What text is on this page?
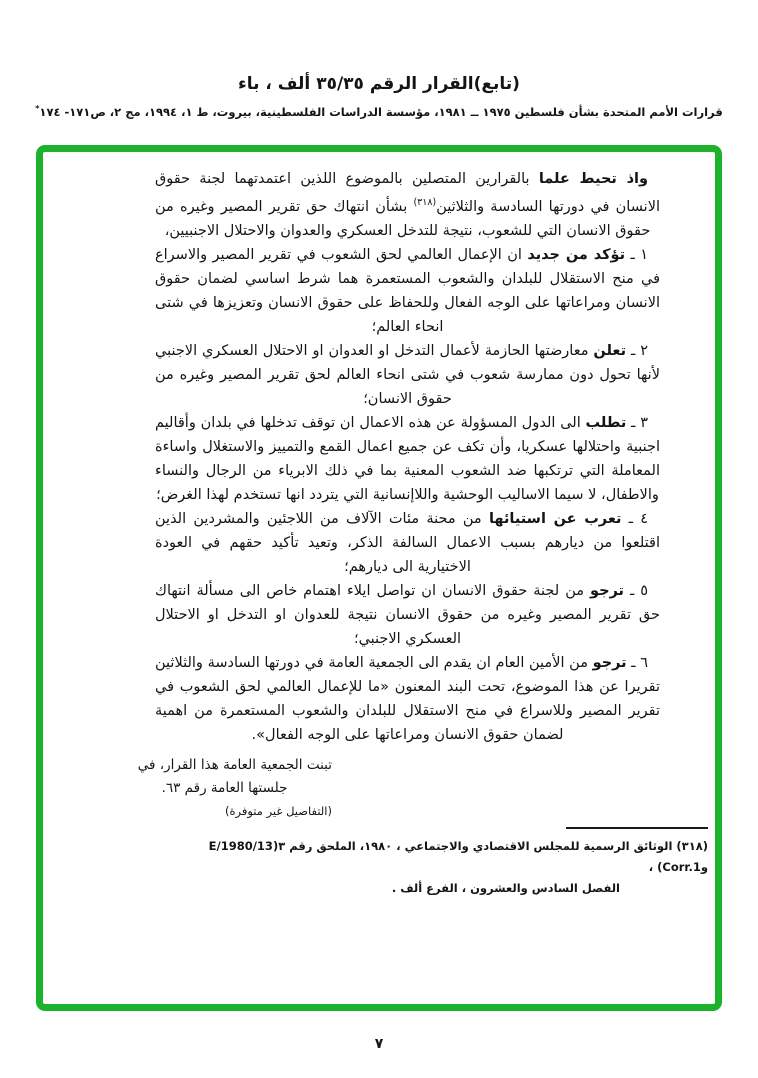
(تابع)القرار الرقم ٣٥/٣٥ ألف ، باء

قرارات الأمم المتحدة بشأن فلسطين ١٩٧٥ ــ ١٩٨١، مؤسسة الدراسات الفلسطينية، بيروت، ط ١، ١٩٩٤، مج ٢، ص١٧١- ١٧٤*

واذ تحيط علما بالقرارين المتصلين بالموضوع اللذين اعتمدتهما لجنة حقوق الانسان في دورتها السادسة والثلاثين$^{(٣١٨)}$ بشأن انتهاك حق تقرير المصير وغيره من حقوق الانسان التي للشعوب، نتيجة للتدخل العسكري والعدوان والاحتلال الاجنبيين،

١ ـ تؤكد من جديد ان الإعمال العالمي لحق الشعوب في تقرير المصير والاسراع في منح الاستقلال للبلدان والشعوب المستعمرة هما شرط اساسي لضمان حقوق الانسان ومراعاتها على الوجه الفعال وللحفاظ على حقوق الانسان وتعزيزها في شتى انحاء العالم؛

٢ ـ تعلن معارضتها الحازمة لأعمال التدخل او العدوان او الاحتلال العسكري الاجنبي لأنها تحول دون ممارسة شعوب في شتى انحاء العالم لحق تقرير المصير وغيره من حقوق الانسان؛

٣ ـ تطلب الى الدول المسؤولة عن هذه الاعمال ان توقف تدخلها في بلدان وأقاليم اجنبية واحتلالها عسكريا، وأن تكف عن جميع اعمال القمع والتمييز والاستغلال واساءة المعاملة التي ترتكبها ضد الشعوب المعنية بما في ذلك الابرياء من الرجال والنساء والاطفال، لا سيما الاساليب الوحشية واللاإنسانية التي يتردد انها تستخدم لهذا الغرض؛

٤ ـ تعرب عن استيائها من محنة مئات الآلاف من اللاجئين والمشردين الذين اقتلعوا من ديارهم بسبب الاعمال السالفة الذكر، وتعيد تأكيد حقهم في العودة الاختيارية الى ديارهم؛

٥ ـ ترجو من لجنة حقوق الانسان ان تواصل ايلاء اهتمام خاص الى مسألة انتهاك حق تقرير المصير وغيره من حقوق الانسان نتيجة للعدوان او التدخل او الاحتلال العسكري الاجنبي؛

٦ ـ ترجو من الأمين العام ان يقدم الى الجمعية العامة في دورتها السادسة والثلاثين تقريرا عن هذا الموضوع، تحت البند المعنون «ما للإعمال العالمي لحق الشعوب في تقرير المصير وللاسراع في منح الاستقلال للبلدان والشعوب المستعمرة من اهمية لضمان حقوق الانسان ومراعاتها على الوجه الفعال».

تبنت الجمعية العامة هذا القرار، في

جلستها العامة رقم ٦٣.

(التفاصيل غير متوفرة)

(٣١٨) الوثائق الرسمية للمجلس الاقتصادي والاجتماعي ، ١٩٨٠، الملحق رقم ٣(E/1980/13 وCorr.1) ،

الفصل السادس والعشرون ، الفرع ألف .

٧
